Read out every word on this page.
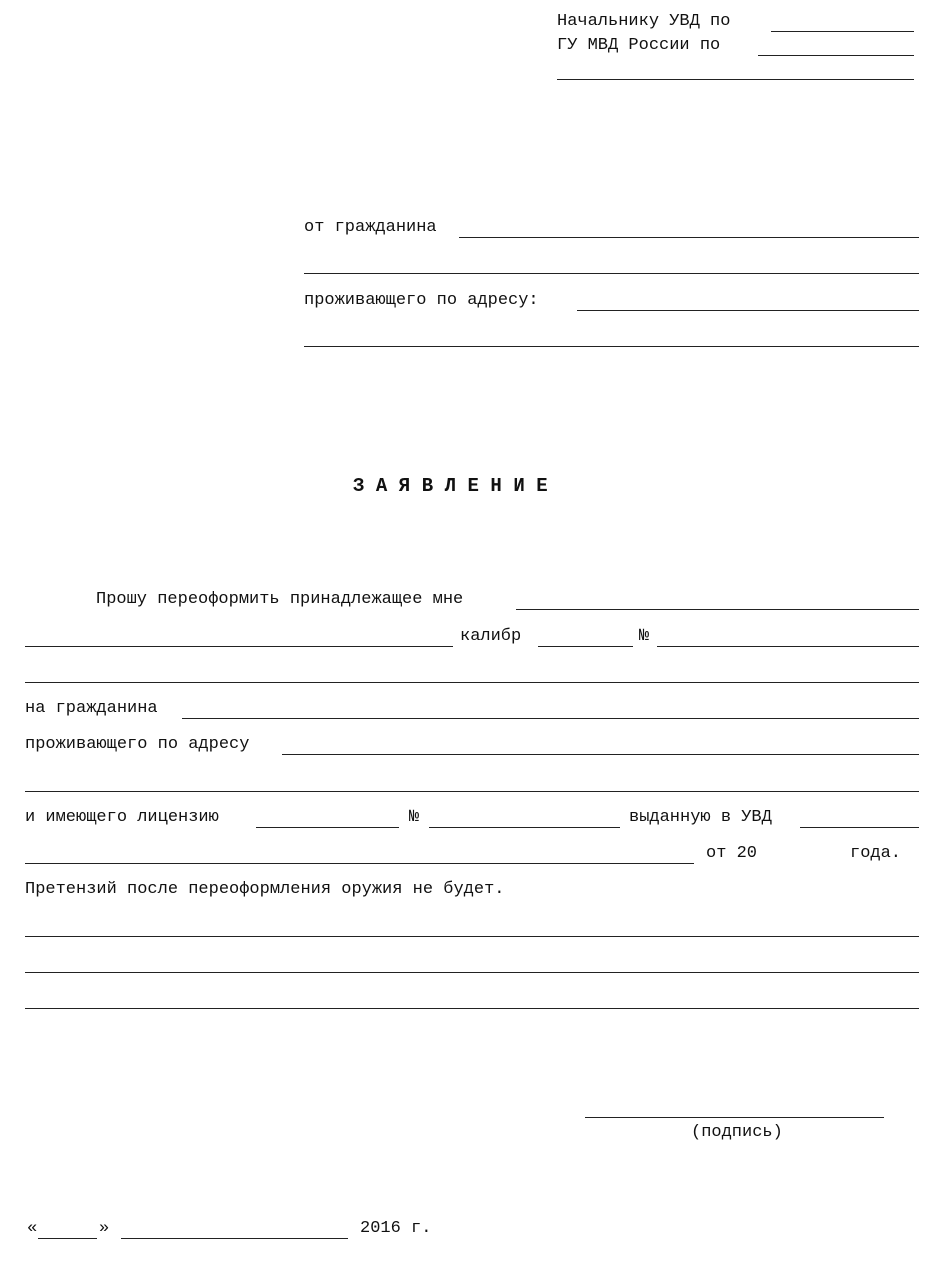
Начальнику УВД по
ГУ МВД России по
от гражданина
проживающего по адресу:
ЗАЯВЛЕНИЕ
Прошу переоформить принадлежащее мне
калибр	№
на гражданина
проживающего по адресу
и имеющего лицензию	№	выданную в УВД
от 20	года.
Претензий после переоформления оружия не будет.
(подпись)
«	»	2016 г.
